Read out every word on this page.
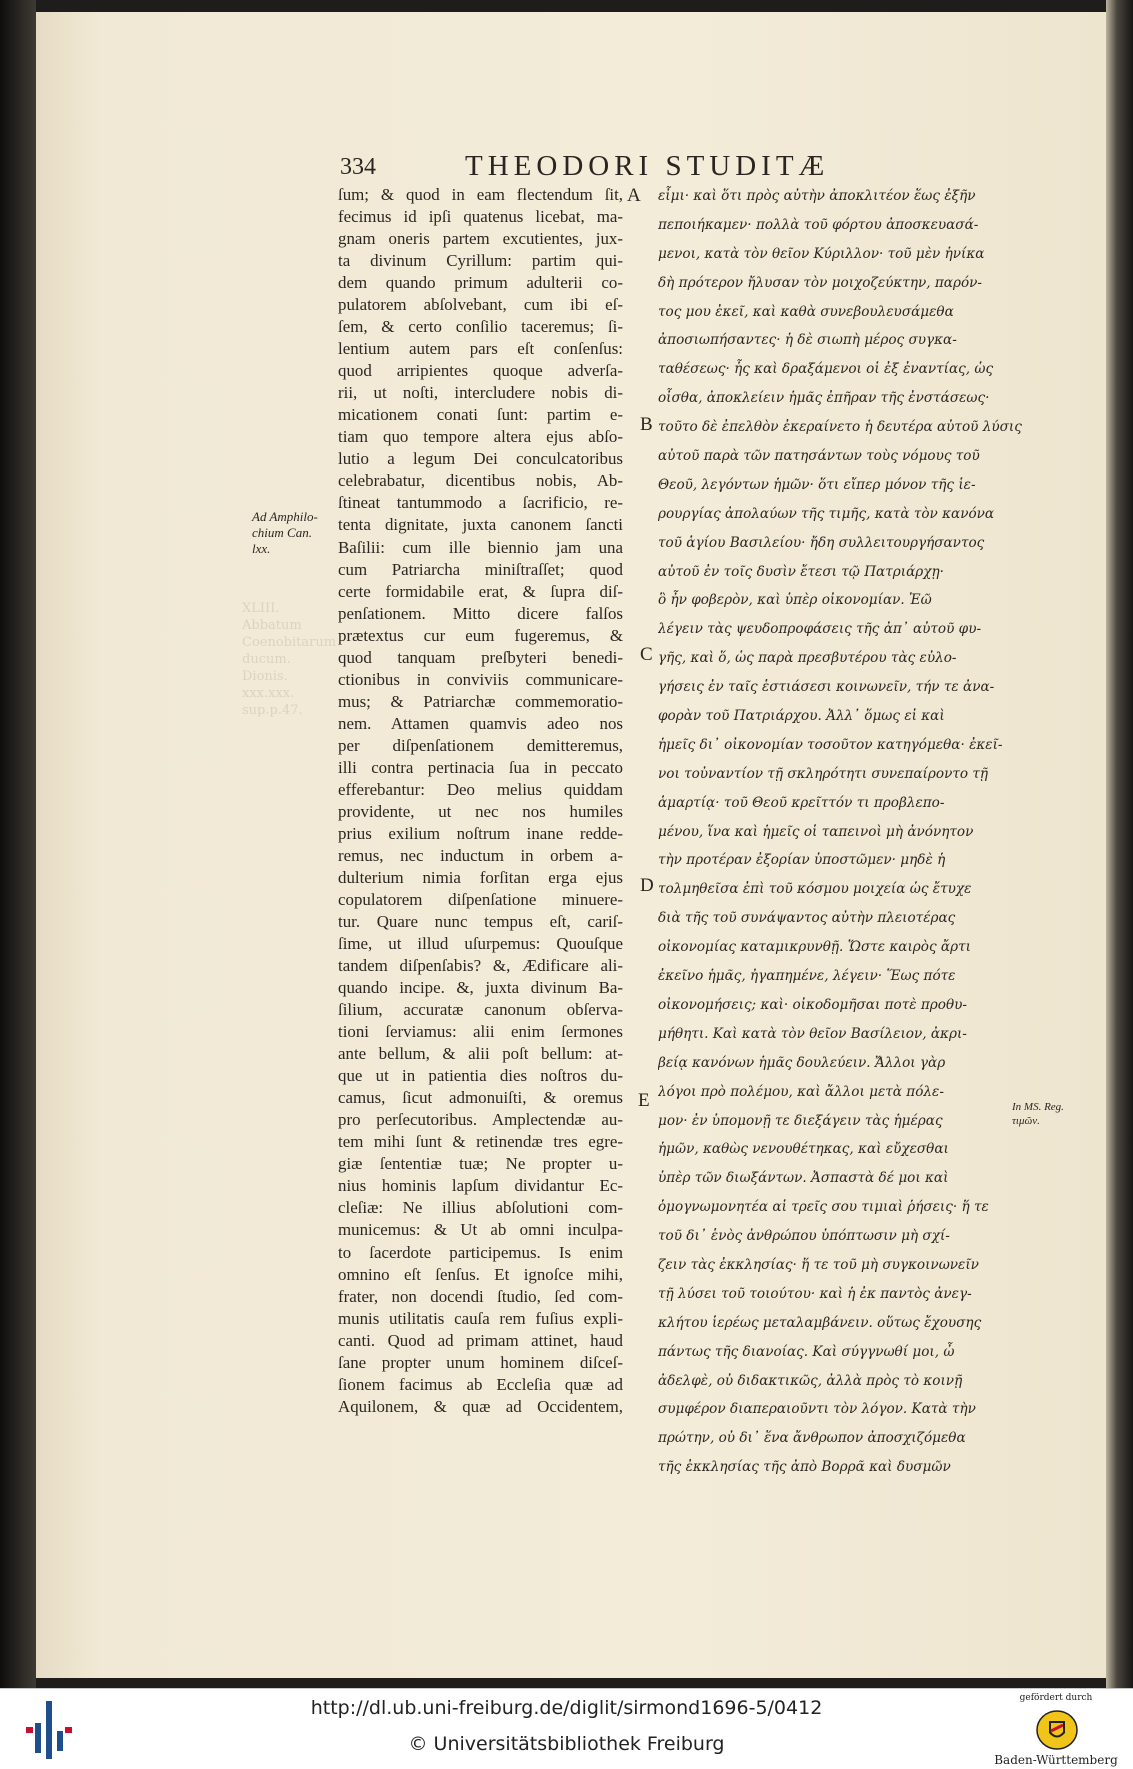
XLIII.
Abbatum
Coenobitarum
ducum.
Dionis.
xxx.xxx.
sup.p.47.
334	THEODORI STUDITÆ
ſum; & quod in eam flectendum ſit,
fecimus id ipſi quatenus licebat, ma-
gnam oneris partem excutientes, jux-
ta divinum Cyrillum: partim qui-
dem quando primum adulterii co-
pulatorem abſolvebant, cum ibi eſ-
ſem, & certo conſilio taceremus; ſi-
lentium autem pars eſt conſenſus:
quod arripientes quoque adverſa-
rii, ut noſti, intercludere nobis di-
micationem conati ſunt: partim e-
tiam quo tempore altera ejus abſo-
lutio a legum Dei conculcatoribus
celebrabatur, dicentibus nobis, Ab-
ſtineat tantummodo a ſacrificio, re-
tenta dignitate, juxta canonem ſancti
Baſilii: cum ille biennio jam una
cum Patriarcha miniſtraſſet; quod
certe formidabile erat, & ſupra diſ-
penſationem. Mitto dicere falſos
prætextus cur eum fugeremus, &
quod tanquam preſbyteri benedi-
ctionibus in conviviis communicare-
mus; & Patriarchæ commemoratio-
nem. Attamen quamvis adeo nos
per diſpenſationem demitteremus,
illi contra pertinacia ſua in peccato
efferebantur: Deo melius quiddam
providente, ut nec nos humiles
prius exilium noſtrum inane redde-
remus, nec inductum in orbem a-
dulterium nimia forſitan erga ejus
copulatorem diſpenſatione minuere-
tur. Quare nunc tempus eſt, cariſ-
ſime, ut illud uſurpemus: Quouſque
tandem diſpenſabis? &, Ædificare ali-
quando incipe. &, juxta divinum Ba-
ſilium, accuratæ canonum obſerva-
tioni ſerviamus: alii enim ſermones
ante bellum, & alii poſt bellum: at-
que ut in patientia dies noſtros du-
camus, ſicut admonuiſti, & oremus
pro perſecutoribus. Amplectendæ au-
tem mihi ſunt & retinendæ tres egre-
giæ ſententiæ tuæ; Ne propter u-
nius hominis lapſum dividantur Ec-
cleſiæ: Ne illius abſolutioni com-
municemus: & Ut ab omni inculpa-
to ſacerdote participemus. Is enim
omnino eſt ſenſus. Et ignoſce mihi,
frater, non docendi ſtudio, ſed com-
munis utilitatis cauſa rem fuſius expli-
canti. Quod ad primam attinet, haud
ſane propter unum hominem diſceſ-
ſionem facimus ab Eccleſia quæ ad
Aquilonem, & quæ ad Occidentem,
εἶμι· καὶ ὅτι πρὸς αὐτὴν ἀποκλιτέον ἕως ἐξῆν
πεποιήκαμεν· πολλὰ τοῦ φόρτου ἀποσκευασά-
μενοι, κατὰ τὸν θεῖον Κύριλλον· τοῦ μὲν ἡνίκα
δὴ πρότερον ἤλυσαν τὸν μοιχοζεύκτην, παρόν-
τος μου ἐκεῖ, καὶ καθὰ συνεβουλευσάμεθα
ἀποσιωπήσαντες· ἡ δὲ σιωπὴ μέρος συγκα-
ταθέσεως· ἧς καὶ δραξάμενοι οἱ ἐξ ἐναντίας, ὡς
οἶσθα, ἀποκλείειν ἡμᾶς ἐπῆραν τῆς ἐνστάσεως·
τοῦτο δὲ ἐπελθὸν ἐκεραίνετο ἡ δευτέρα αὐτοῦ λύσις
αὐτοῦ παρὰ τῶν πατησάντων τοὺς νόμους τοῦ
Θεοῦ, λεγόντων ἡμῶν· ὅτι εἴπερ μόνον τῆς ἱε-
ρουργίας ἀπολαύων τῆς τιμῆς, κατὰ τὸν κανόνα
τοῦ ἁγίου Βασιλείου· ἤδη συλλειτουργήσαντος
αὐτοῦ ἐν τοῖς δυσὶν ἔτεσι τῷ Πατριάρχῃ·
ὃ ἦν φοβερὸν, καὶ ὑπὲρ οἰκονομίαν. Ἐῶ
λέγειν τὰς ψευδοπροφάσεις τῆς ἀπ᾽ αὐτοῦ φυ-
γῆς, καὶ ὅ, ὡς παρὰ πρεσβυτέρου τὰς εὐλο-
γήσεις ἐν ταῖς ἑστιάσεσι κοινωνεῖν, τήν τε ἀνα-
φορὰν τοῦ Πατριάρχου. Ἀλλ᾽ ὅμως εἰ καὶ
ἡμεῖς δι᾽ οἰκονομίαν τοσοῦτον κατηγόμεθα· ἐκεῖ-
νοι τοὐναντίον τῇ σκληρότητι συνεπαίροντο τῇ
ἁμαρτίᾳ· τοῦ Θεοῦ κρεῖττόν τι προβλεπο-
μένου, ἵνα καὶ ἡμεῖς οἱ ταπεινοὶ μὴ ἀνόνητον
τὴν προτέραν ἐξορίαν ὑποστῶμεν· μηδὲ ἡ
τολμηθεῖσα ἐπὶ τοῦ κόσμου μοιχεία ὡς ἔτυχε
διὰ τῆς τοῦ συνάψαντος αὐτὴν πλειοτέρας
οἰκονομίας καταμικρυνθῇ. Ὥστε καιρὸς ἄρτι
ἐκεῖνο ἡμᾶς, ἠγαπημένε, λέγειν· Ἕως πότε
οἰκονομήσεις; καὶ· οἰκοδομῆσαι ποτὲ προθυ-
μήθητι. Καὶ κατὰ τὸν θεῖον Βασίλειον, ἀκρι-
βείᾳ κανόνων ἡμᾶς δουλεύειν. Ἄλλοι γὰρ
λόγοι πρὸ πολέμου, καὶ ἄλλοι μετὰ πόλε-
μον· ἐν ὑπομονῇ τε διεξάγειν τὰς ἡμέρας
ἡμῶν, καθὼς νενουθέτηκας, καὶ εὔχεσθαι
ὑπὲρ τῶν διωξάντων. Ἀσπαστὰ δέ μοι καὶ
ὁμογνωμονητέα αἱ τρεῖς σου τιμιαὶ ῥήσεις· ἥ τε
τοῦ δι᾽ ἑνὸς ἀνθρώπου ὑπόπτωσιν μὴ σχί-
ζειν τὰς ἐκκλησίας· ἥ τε τοῦ μὴ συγκοινωνεῖν
τῇ λύσει τοῦ τοιούτου· καὶ ἡ ἐκ παντὸς ἀνεγ-
κλήτου ἱερέως μεταλαμβάνειν. οὕτως ἔχουσης
πάντως τῆς διανοίας. Καὶ σύγγνωθί μοι, ὦ
ἀδελφὲ, οὐ διδακτικῶς, ἀλλὰ πρὸς τὸ κοινῇ
συμφέρον διαπεραιοῦντι τὸν λόγον. Κατὰ τὴν
πρώτην, οὐ δι᾽ ἕνα ἄνθρωπον ἀποσχιζόμεθα
τῆς ἐκκλησίας τῆς ἀπὸ Βορρᾶ καὶ δυσμῶν
A
B
C
D
E
Ad Amphilo-
chium Can.
lxx.
In MS. Reg.
τιμῶν.
http://dl.ub.uni-freiburg.de/diglit/sirmond1696-5/0412
© Universitätsbibliothek Freiburg
gefördert durch
Baden-Württemberg
